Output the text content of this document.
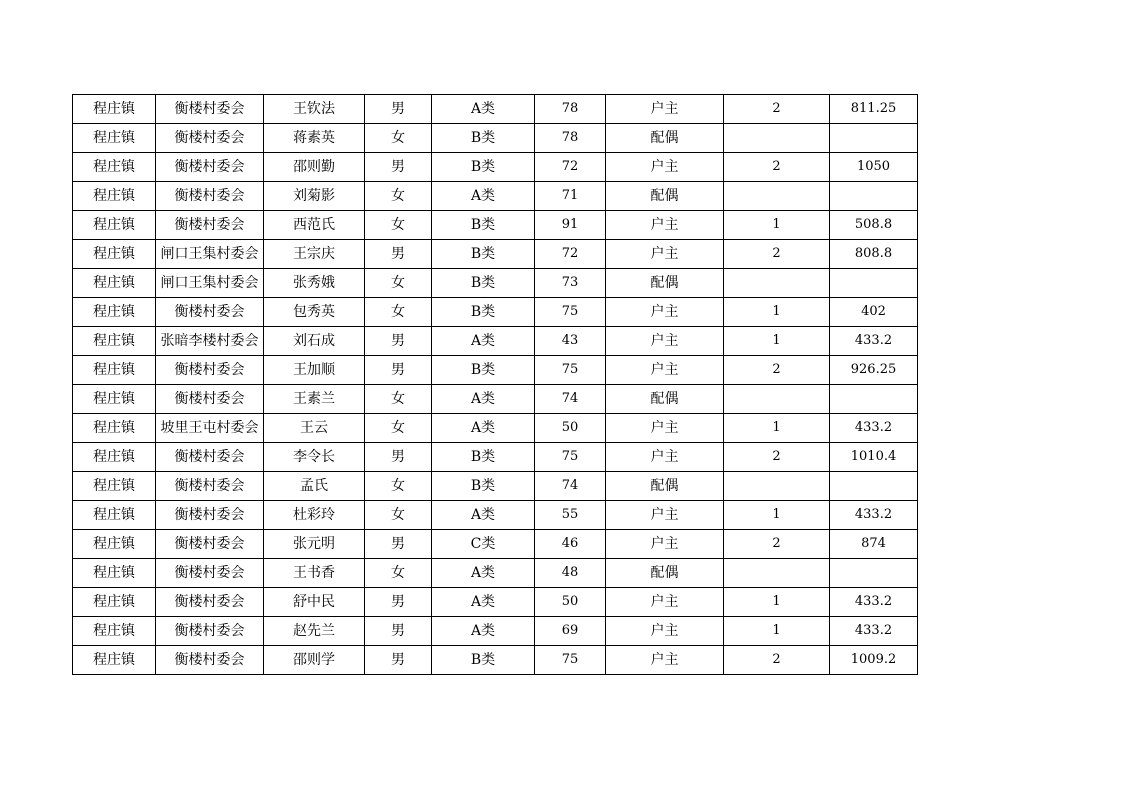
程庄镇	衡楼村委会	王钦法	男	A类	78	户主	2	811.25
程庄镇	衡楼村委会	蒋素英	女	B类	78	配偶		
程庄镇	衡楼村委会	邵则勤	男	B类	72	户主	2	1050
程庄镇	衡楼村委会	刘菊影	女	A类	71	配偶		
程庄镇	衡楼村委会	西范氏	女	B类	91	户主	1	508.8
程庄镇	闸口王集村委会	王宗庆	男	B类	72	户主	2	808.8
程庄镇	闸口王集村委会	张秀娥	女	B类	73	配偶		
程庄镇	衡楼村委会	包秀英	女	B类	75	户主	1	402
程庄镇	张暗李楼村委会	刘石成	男	A类	43	户主	1	433.2
程庄镇	衡楼村委会	王加顺	男	B类	75	户主	2	926.25
程庄镇	衡楼村委会	王素兰	女	A类	74	配偶		
程庄镇	坡里王屯村委会	王云	女	A类	50	户主	1	433.2
程庄镇	衡楼村委会	李令长	男	B类	75	户主	2	1010.4
程庄镇	衡楼村委会	孟氏	女	B类	74	配偶		
程庄镇	衡楼村委会	杜彩玲	女	A类	55	户主	1	433.2
程庄镇	衡楼村委会	张元明	男	C类	46	户主	2	874
程庄镇	衡楼村委会	王书香	女	A类	48	配偶		
程庄镇	衡楼村委会	舒中民	男	A类	50	户主	1	433.2
程庄镇	衡楼村委会	赵先兰	男	A类	69	户主	1	433.2
程庄镇	衡楼村委会	邵则学	男	B类	75	户主	2	1009.2
